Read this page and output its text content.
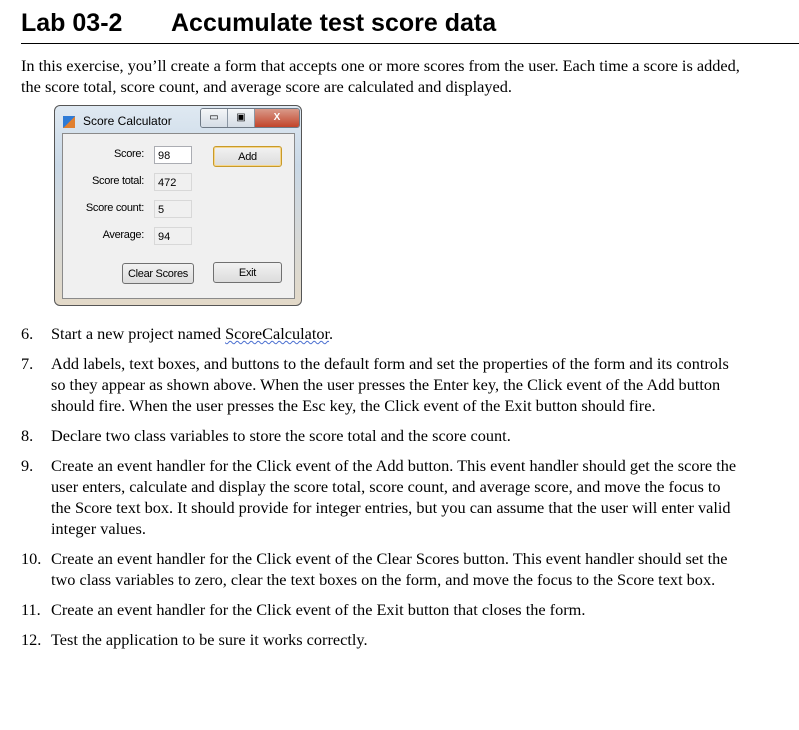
Lab 03-2 Accumulate test score data
In this exercise, you’ll create a form that accepts one or more scores from the user. Each time a score is added, the score total, score count, and average score are calculated and displayed.
Score Calculator	▭	▣	X
Score:	98
Score total:	472
Score count:	5
Average:	94
Add
Clear Scores	Exit
6. Start a new project named ScoreCalculator.
7. Add labels, text boxes, and buttons to the default form and set the properties of the form and its controls so they appear as shown above. When the user presses the Enter key, the Click event of the Add button should fire. When the user presses the Esc key, the Click event of the Exit button should fire.
8. Declare two class variables to store the score total and the score count.
9. Create an event handler for the Click event of the Add button. This event handler should get the score the user enters, calculate and display the score total, score count, and average score, and move the focus to the Score text box. It should provide for integer entries, but you can assume that the user will enter valid integer values.
10. Create an event handler for the Click event of the Clear Scores button. This event handler should set the two class variables to zero, clear the text boxes on the form, and move the focus to the Score text box.
11. Create an event handler for the Click event of the Exit button that closes the form.
12. Test the application to be sure it works correctly.
